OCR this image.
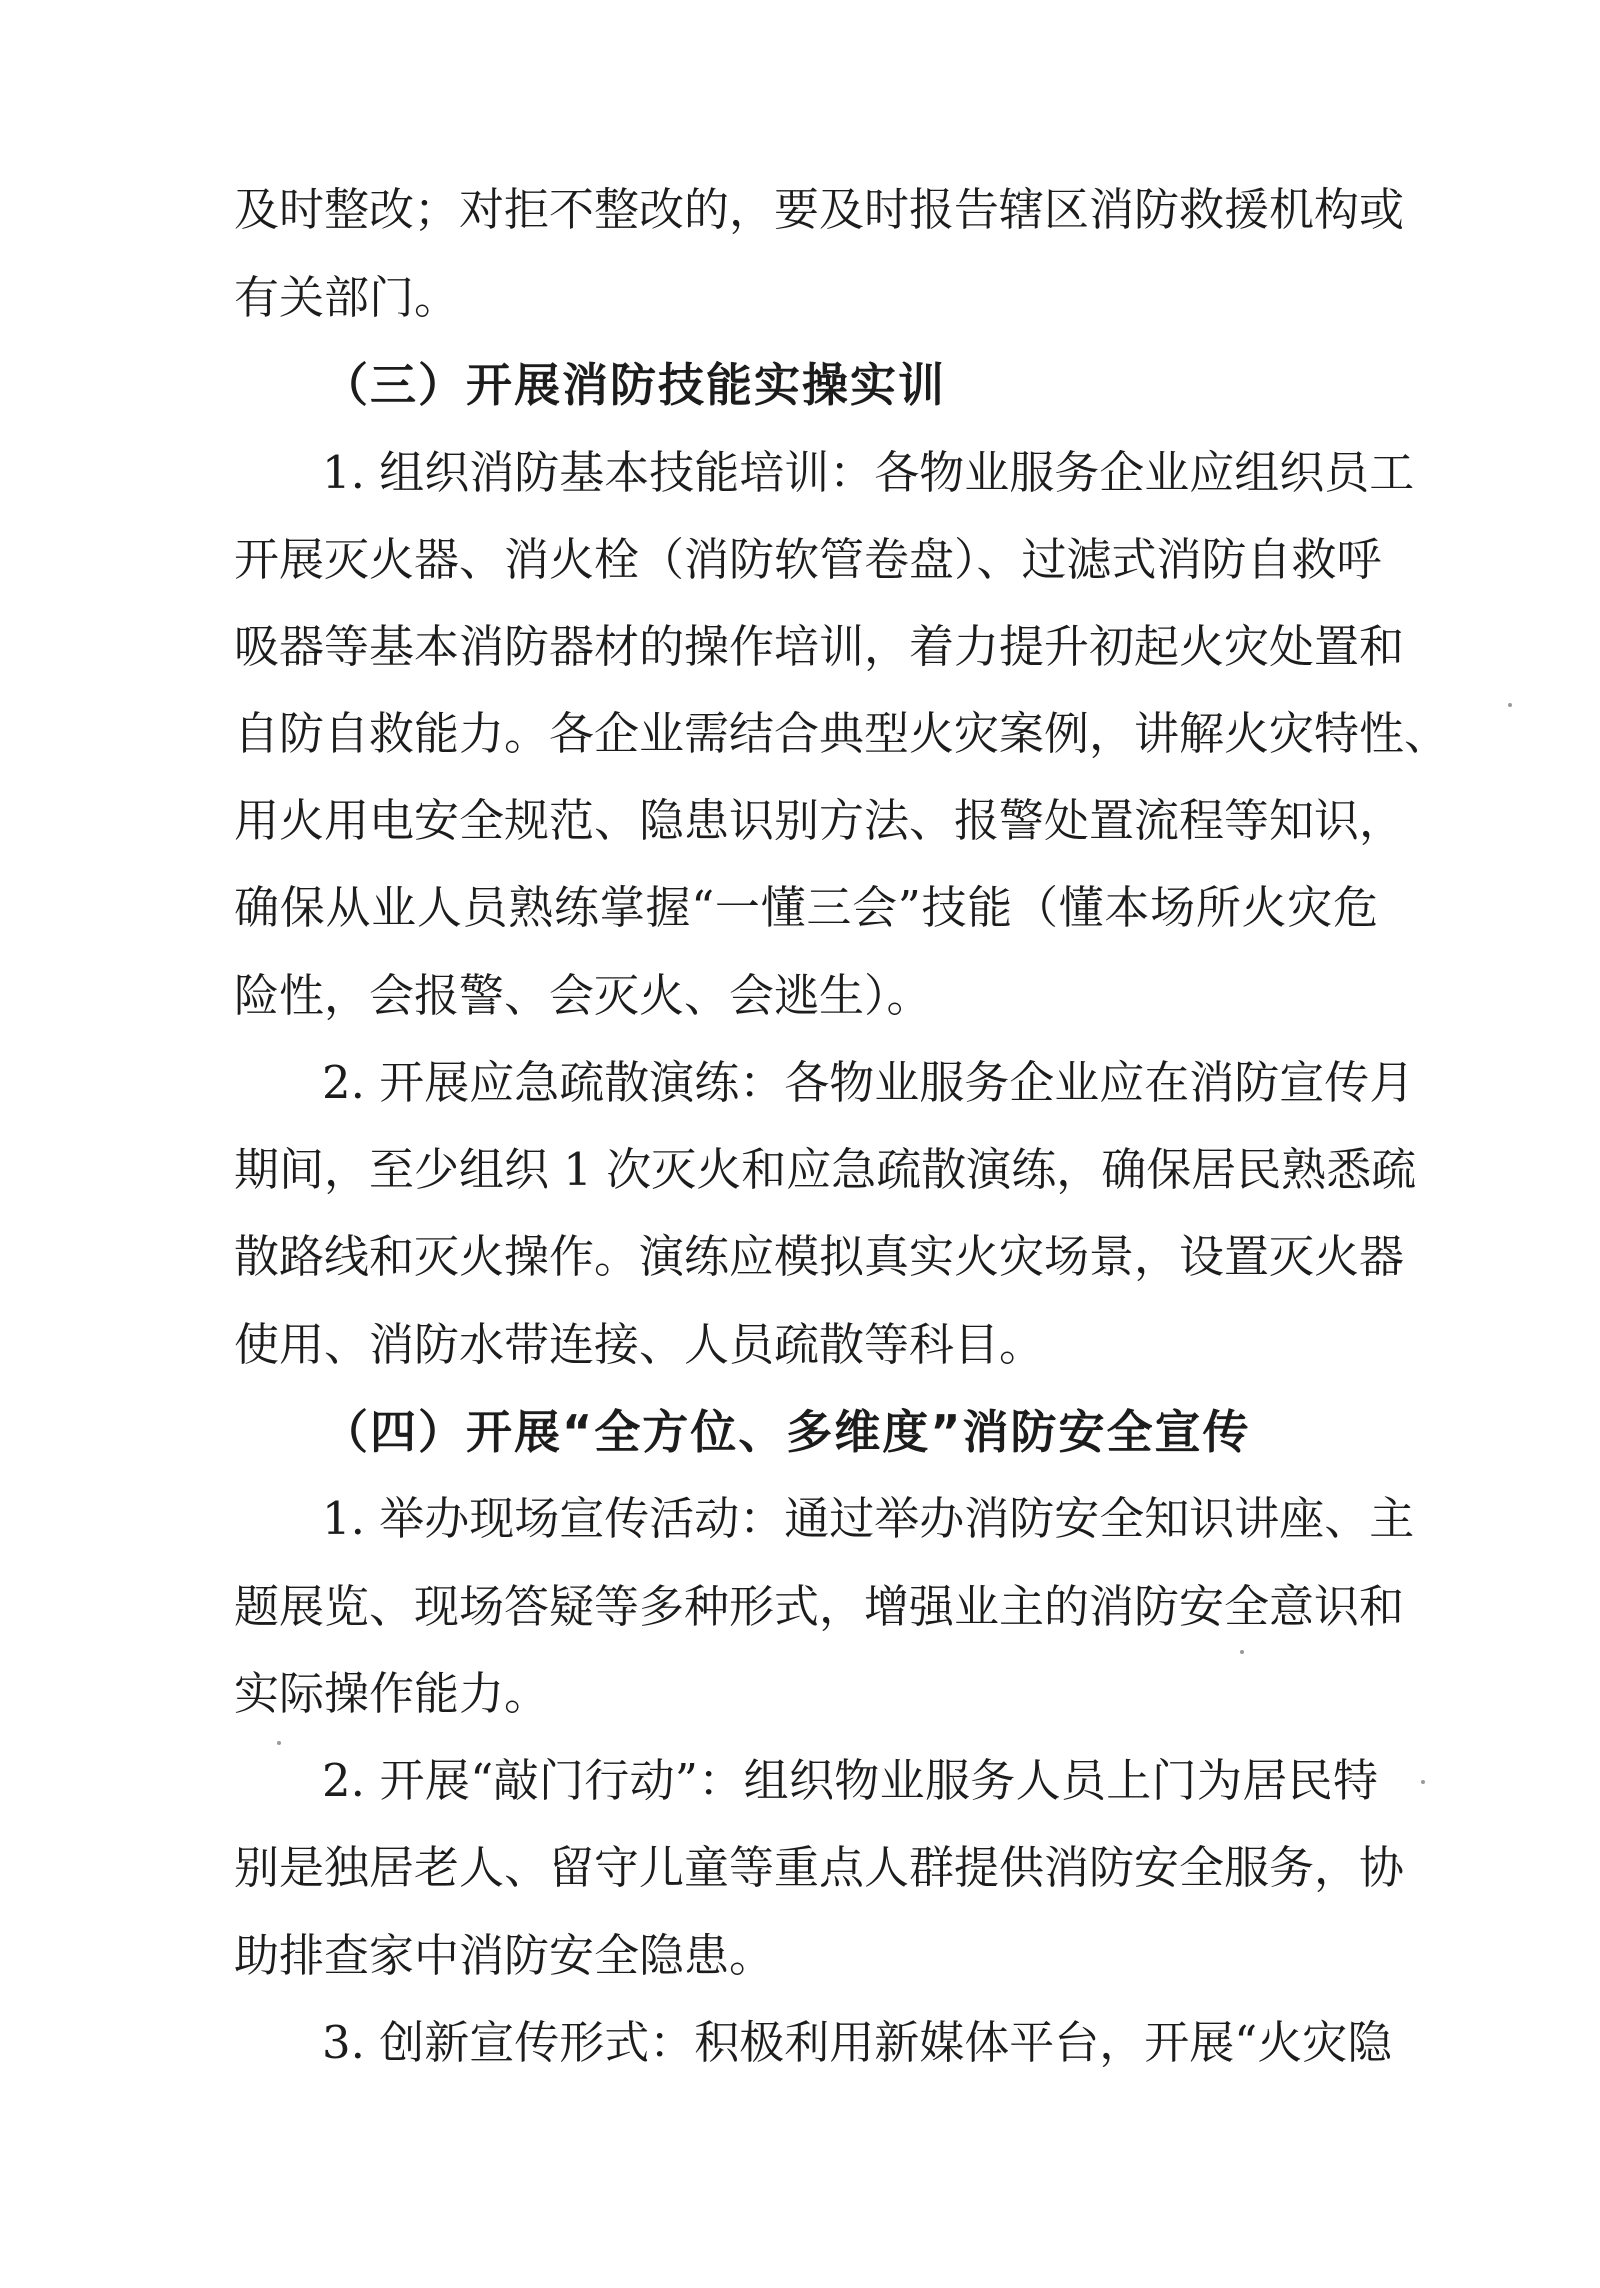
及时整改；对拒不整改的，要及时报告辖区消防救援机构或
有关部门。
（三）开展消防技能实操实训
1. 组织消防基本技能培训：各物业服务企业应组织员工
开展灭火器、消火栓（消防软管卷盘）、过滤式消防自救呼
吸器等基本消防器材的操作培训，着力提升初起火灾处置和
自防自救能力。各企业需结合典型火灾案例，讲解火灾特性、
用火用电安全规范、隐患识别方法、报警处置流程等知识，
确保从业人员熟练掌握“一懂三会”技能（懂本场所火灾危
险性，会报警、会灭火、会逃生）。
2. 开展应急疏散演练：各物业服务企业应在消防宣传月
期间，至少组织 1 次灭火和应急疏散演练，确保居民熟悉疏
散路线和灭火操作。演练应模拟真实火灾场景，设置灭火器
使用、消防水带连接、人员疏散等科目。
（四）开展“全方位、多维度”消防安全宣传
1. 举办现场宣传活动：通过举办消防安全知识讲座、主
题展览、现场答疑等多种形式，增强业主的消防安全意识和
实际操作能力。
2. 开展“敲门行动”：组织物业服务人员上门为居民特
别是独居老人、留守儿童等重点人群提供消防安全服务，协
助排查家中消防安全隐患。
3. 创新宣传形式：积极利用新媒体平台，开展“火灾隐
